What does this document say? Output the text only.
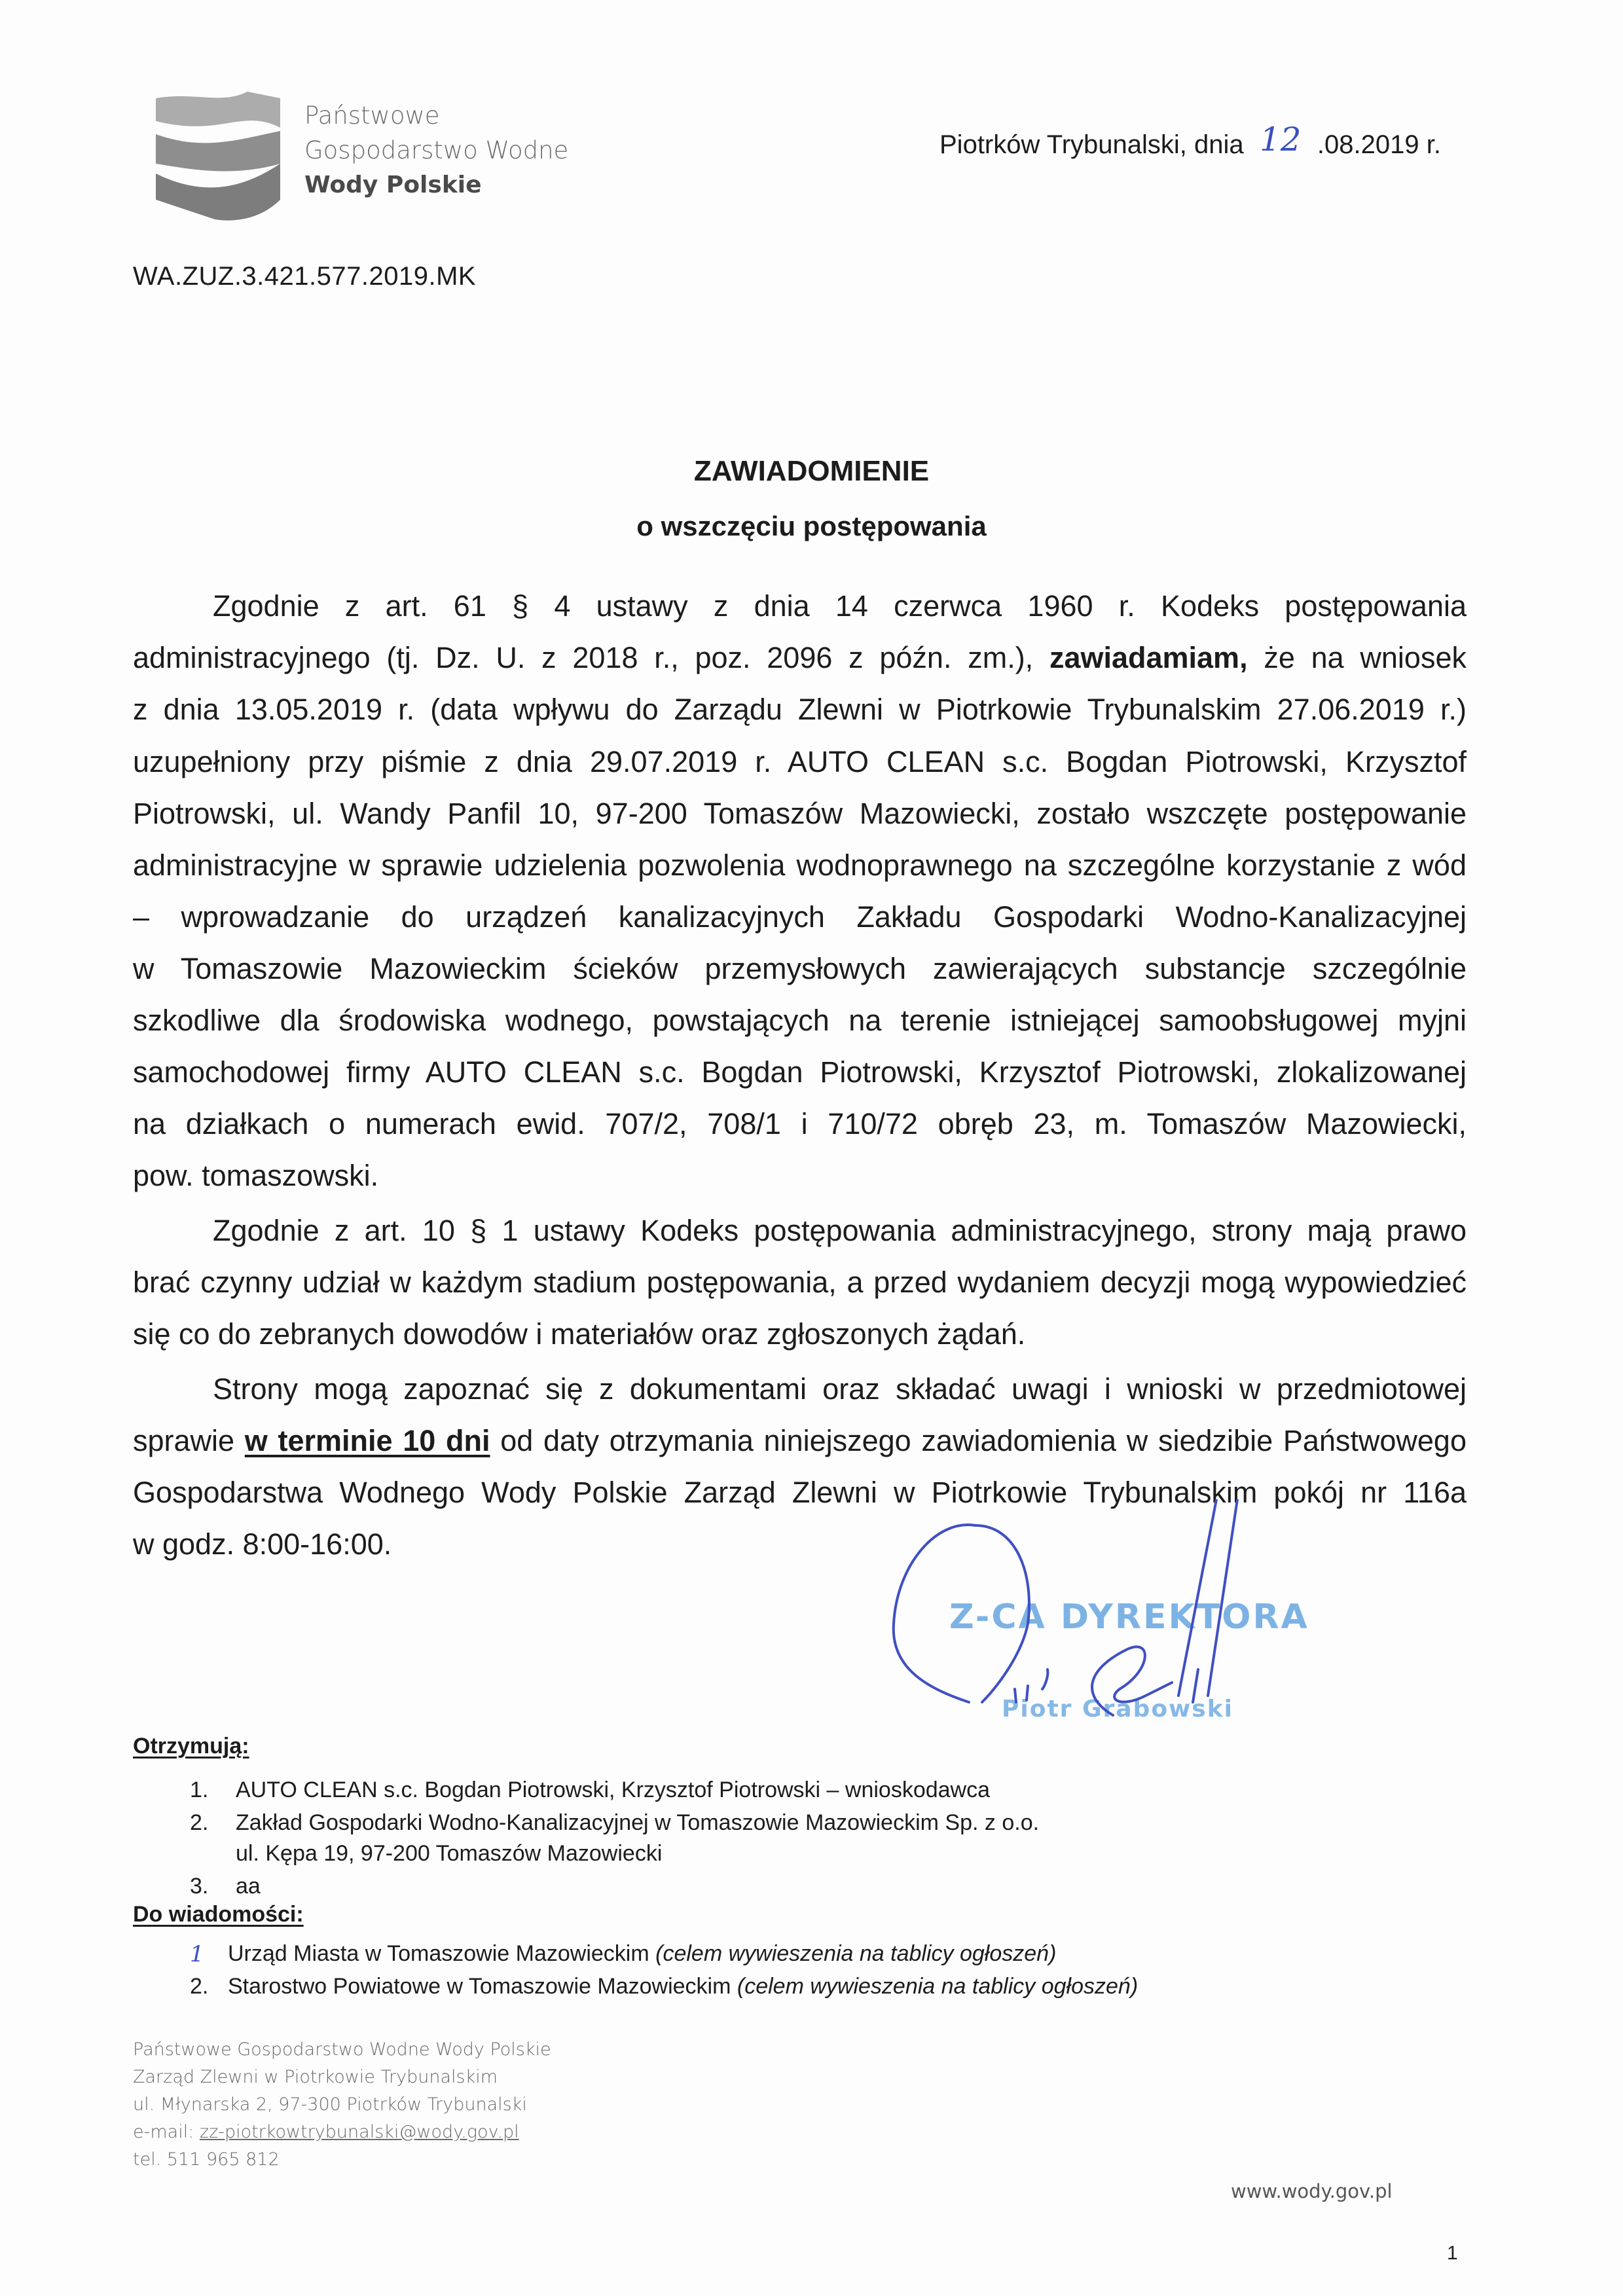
Państwowe
Gospodarstwo Wodne
Wody Polskie
Piotrków Trybunalski, dnia 12 .08.2019 r.
WA.ZUZ.3.421.577.2019.MK
ZAWIADOMIENIE
o wszczęciu postępowania
Zgodnie z art. 61 § 4 ustawy z dnia 14 czerwca 1960 r. Kodeks postępowania
administracyjnego (tj. Dz. U. z 2018 r., poz. 2096 z późn. zm.), zawiadamiam, że na wniosek
z dnia 13.05.2019 r. (data wpływu do Zarządu Zlewni w Piotrkowie Trybunalskim 27.06.2019 r.)
uzupełniony przy piśmie z dnia 29.07.2019 r. AUTO CLEAN s.c. Bogdan Piotrowski, Krzysztof
Piotrowski, ul. Wandy Panfil 10, 97-200 Tomaszów Mazowiecki, zostało wszczęte postępowanie
administracyjne w sprawie udzielenia pozwolenia wodnoprawnego na szczególne korzystanie z wód
– wprowadzanie do urządzeń kanalizacyjnych Zakładu Gospodarki Wodno-Kanalizacyjnej
w Tomaszowie Mazowieckim ścieków przemysłowych zawierających substancje szczególnie
szkodliwe dla środowiska wodnego, powstających na terenie istniejącej samoobsługowej myjni
samochodowej firmy AUTO CLEAN s.c. Bogdan Piotrowski, Krzysztof Piotrowski, zlokalizowanej
na działkach o numerach ewid. 707/2, 708/1 i 710/72 obręb 23, m. Tomaszów Mazowiecki,
pow. tomaszowski.
Zgodnie z art. 10 § 1 ustawy Kodeks postępowania administracyjnego, strony mają prawo
brać czynny udział w każdym stadium postępowania, a przed wydaniem decyzji mogą wypowiedzieć
się co do zebranych dowodów i materiałów oraz zgłoszonych żądań.
Strony mogą zapoznać się z dokumentami oraz składać uwagi i wnioski w przedmiotowej
sprawie w terminie 10 dni od daty otrzymania niniejszego zawiadomienia w siedzibie Państwowego
Gospodarstwa Wodnego Wody Polskie Zarząd Zlewni w Piotrkowie Trybunalskim pokój nr 116a
w godz. 8:00-16:00.
Z-CA DYREKTORA
Piotr Grabowski
Otrzymują:
1. AUTO CLEAN s.c. Bogdan Piotrowski, Krzysztof Piotrowski – wnioskodawca
2. Zakład Gospodarki Wodno-Kanalizacyjnej w Tomaszowie Mazowieckim Sp. z o.o.
ul. Kępa 19, 97-200 Tomaszów Mazowiecki
3. aa
Do wiadomości:
1 Urząd Miasta w Tomaszowie Mazowieckim (celem wywieszenia na tablicy ogłoszeń)
2. Starostwo Powiatowe w Tomaszowie Mazowieckim (celem wywieszenia na tablicy ogłoszeń)
Państwowe Gospodarstwo Wodne Wody Polskie
Zarząd Zlewni w Piotrkowie Trybunalskim
ul. Młynarska 2, 97-300 Piotrków Trybunalski
e-mail: zz-piotrkowtrybunalski@wody.gov.pl
tel. 511 965 812
www.wody.gov.pl
1
